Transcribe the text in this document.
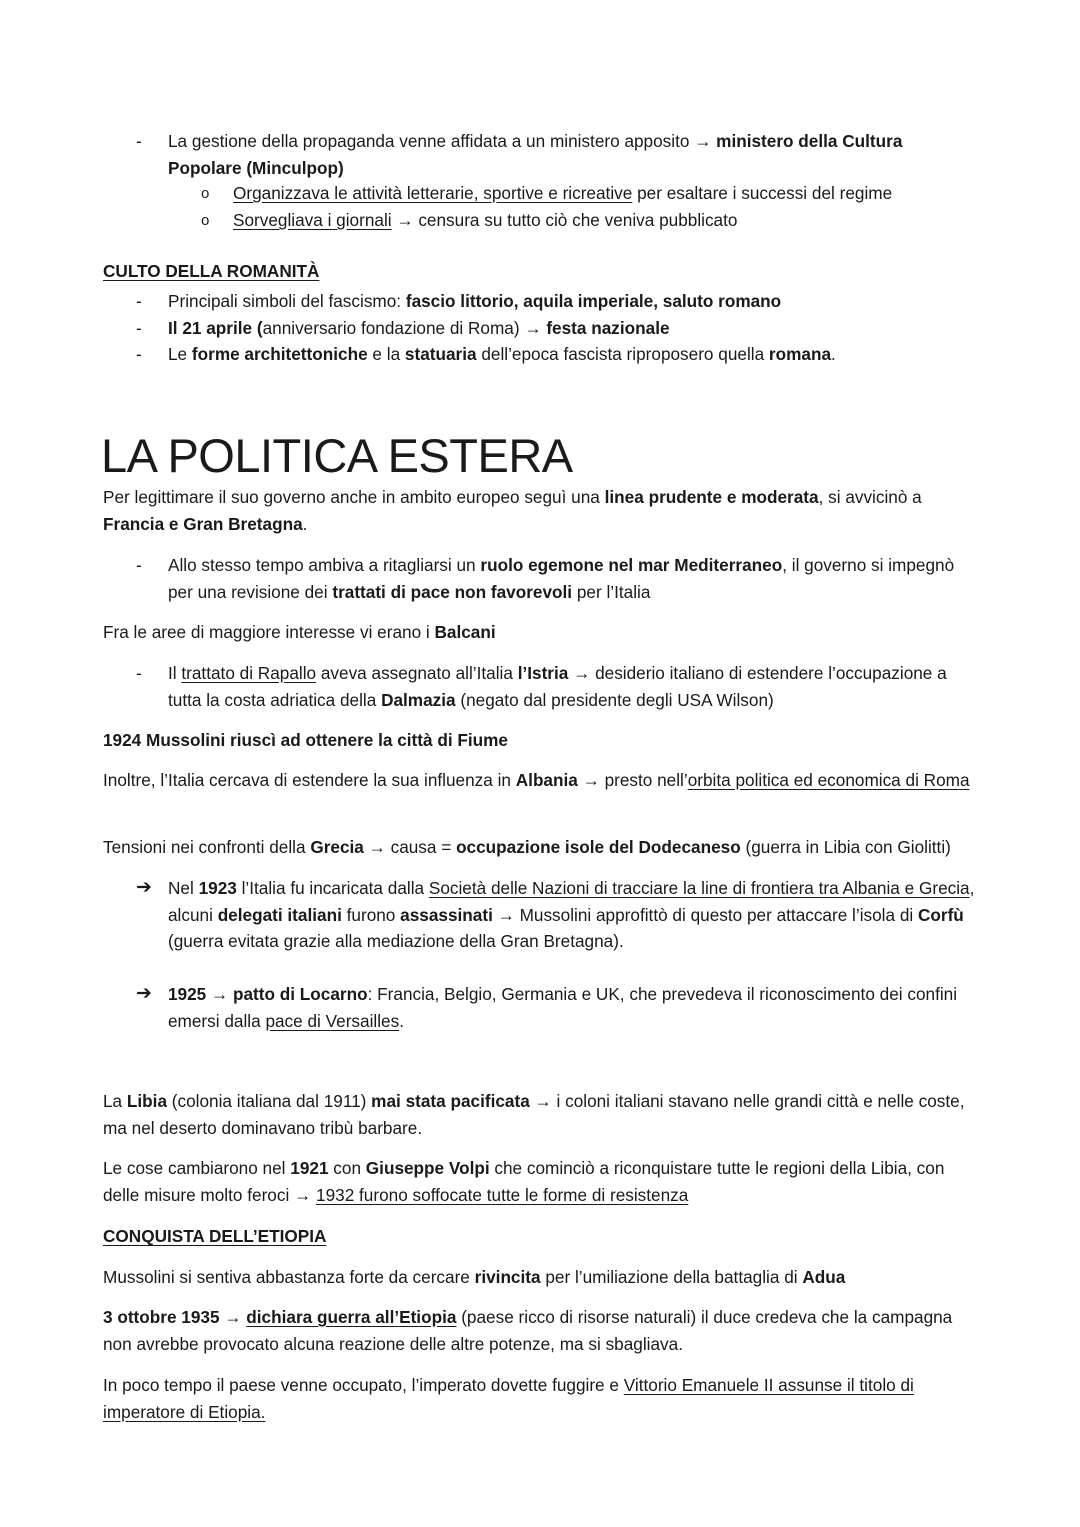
- La gestione della propaganda venne affidata a un ministero apposito → ministero della Cultura
Popolare (Minculpop)
o Organizzava le attività letterarie, sportive e ricreative per esaltare i successi del regime
o Sorvegliava i giornali → censura su tutto ciò che veniva pubblicato
CULTO DELLA ROMANITÀ
- Principali simboli del fascismo: fascio littorio, aquila imperiale, saluto romano
- Il 21 aprile (anniversario fondazione di Roma) → festa nazionale
- Le forme architettoniche e la statuaria dell’epoca fascista riproposero quella romana.
LA POLITICA ESTERA
Per legittimare il suo governo anche in ambito europeo seguì una linea prudente e moderata, si avvicinò a Francia e Gran Bretagna.
- Allo stesso tempo ambiva a ritagliarsi un ruolo egemone nel mar Mediterraneo, il governo si impegnò per una revisione dei trattati di pace non favorevoli per l’Italia
Fra le aree di maggiore interesse vi erano i Balcani
- Il trattato di Rapallo aveva assegnato all’Italia l’Istria → desiderio italiano di estendere l’occupazione a tutta la costa adriatica della Dalmazia (negato dal presidente degli USA Wilson)
1924 Mussolini riuscì ad ottenere la città di Fiume
Inoltre, l’Italia cercava di estendere la sua influenza in Albania → presto nell’orbita politica ed economica di Roma
Tensioni nei confronti della Grecia → causa = occupazione isole del Dodecaneso (guerra in Libia con Giolitti)
➔ Nel 1923 l’Italia fu incaricata dalla Società delle Nazioni di tracciare la line di frontiera tra Albania e Grecia, alcuni delegati italiani furono assassinati → Mussolini approfittò di questo per attaccare l’isola di Corfù (guerra evitata grazie alla mediazione della Gran Bretagna).
➔ 1925 → patto di Locarno: Francia, Belgio, Germania e UK, che prevedeva il riconoscimento dei confini emersi dalla pace di Versailles.
La Libia (colonia italiana dal 1911) mai stata pacificata → i coloni italiani stavano nelle grandi città e nelle coste, ma nel deserto dominavano tribù barbare.
Le cose cambiarono nel 1921 con Giuseppe Volpi che cominciò a riconquistare tutte le regioni della Libia, con delle misure molto feroci → 1932 furono soffocate tutte le forme di resistenza
CONQUISTA DELL’ETIOPIA
Mussolini si sentiva abbastanza forte da cercare rivincita per l’umiliazione della battaglia di Adua
3 ottobre 1935 → dichiara guerra all’Etiopia (paese ricco di risorse naturali) il duce credeva che la campagna non avrebbe provocato alcuna reazione delle altre potenze, ma si sbagliava.
In poco tempo il paese venne occupato, l’imperato dovette fuggire e Vittorio Emanuele II assunse il titolo di imperatore di Etiopia.
